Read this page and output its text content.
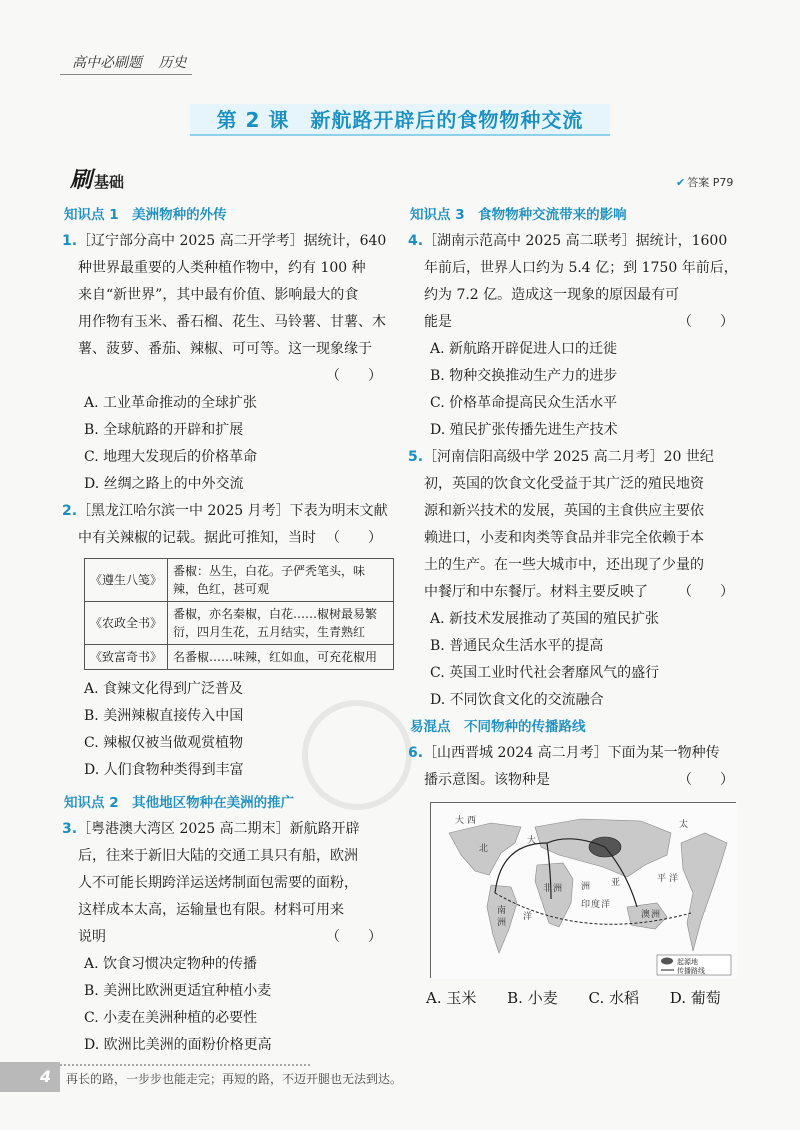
高中必刷题 历史
第 2 课　新航路开辟后的食物物种交流
刷 基础	✔ 答案 P79
知识点 1　美洲物种的外传
1.［辽宁部分高中 2025 高二开学考］据统计，640
种世界最重要的人类种植作物中，约有 100 种
来自“新世界”，其中最有价值、影响最大的食
用作物有玉米、番石榴、花生、马铃薯、甘薯、木
薯、菠萝、番茄、辣椒、可可等。这一现象缘于
（　　）
A. 工业革命推动的全球扩张
B. 全球航路的开辟和扩展
C. 地理大发现后的价格革命
D. 丝绸之路上的中外交流
2.［黑龙江哈尔滨一中 2025 月考］下表为明末文献
中有关辣椒的记载。据此可推知，当时 （　　）
《遵生八笺》	番椒：丛生，白花。子俨秃笔头，味辣，色红，甚可观
《农政全书》	番椒，亦名秦椒，白花……椒树最易繁衍，四月生花，五月结实，生青熟红
《致富奇书》	名番椒……味辣，红如血，可充花椒用
A. 食辣文化得到广泛普及
B. 美洲辣椒直接传入中国
C. 辣椒仅被当做观赏植物
D. 人们食物种类得到丰富
知识点 2　其他地区物种在美洲的推广
3.［粤港澳大湾区 2025 高二期末］新航路开辟
后，往来于新旧大陆的交通工具只有船，欧洲
人不可能长期跨洋运送烤制面包需要的面粉，
这样成本太高，运输量也有限。材料可用来
说明	（　　）
A. 饮食习惯决定物种的传播
B. 美洲比欧洲更适宜种植小麦
C. 小麦在美洲种植的必要性
D. 欧洲比美洲的面粉价格更高
知识点 3　食物物种交流带来的影响
4.［湖南示范高中 2025 高二联考］据统计，1600
年前后，世界人口约为 5.4 亿；到 1750 年前后，
约为 7.2 亿。造成这一现象的原因最有可
能是	（　　）
A. 新航路开辟促进人口的迁徙
B. 物种交换推动生产力的进步
C. 价格革命提高民众生活水平
D. 殖民扩张传播先进生产技术
5.［河南信阳高级中学 2025 高二月考］20 世纪
初，英国的饮食文化受益于其广泛的殖民地资
源和新兴技术的发展，英国的主食供应主要依
赖进口，小麦和肉类等食品并非完全依赖于本
土的生产。在一些大城市中，还出现了少量的
中餐厅和中东餐厅。材料主要反映了 （　　）
A. 新技术发展推动了英国的殖民扩张
B. 普通民众生活水平的提高
C. 英国工业时代社会奢靡风气的盛行
D. 不同饮食文化的交流融合
易混点　不同物种的传播路线
6.［山西晋城 2024 高二月考］下面为某一物种传
播示意图。该物种是	（　　）
大
亚
太
平 洋
大 西
洲
洋
非 洲
印 度 洋
澳 洲
南
洲
北
起源地
传播路线
A. 玉米 B. 小麦 C. 水稻 D. 葡萄
4	再长的路，一步步也能走完；再短的路，不迈开腿也无法到达。
